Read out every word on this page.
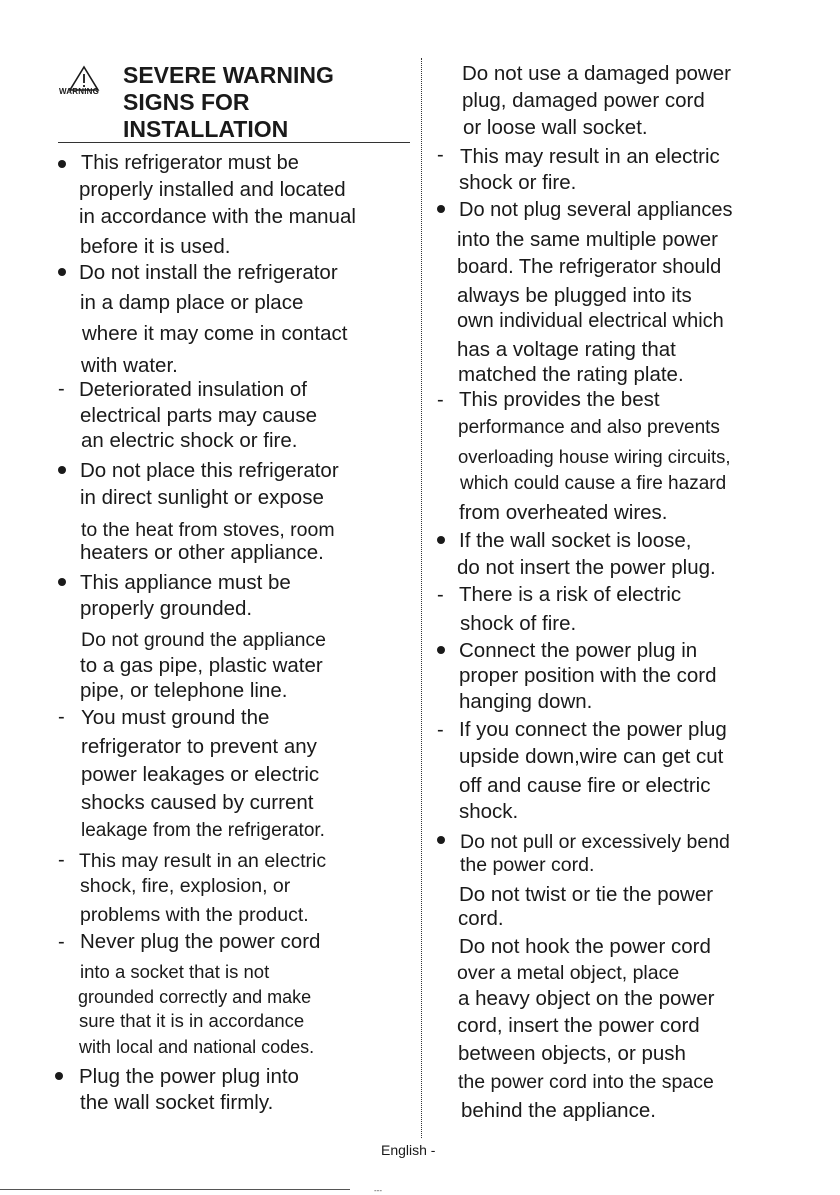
WARNING
SEVERE WARNING
SIGNS FOR
INSTALLATION
-
-
-
-
This refrigerator must be
properly installed and located
in accordance with the manual
before it is used.
Do not install the refrigerator
in a damp place or place
where it may come in contact
with water.
Deteriorated insulation of
electrical parts may cause
an electric shock or fire.
Do not place this refrigerator
in direct sunlight or expose
to the heat from stoves, room
heaters or other appliance.
This appliance must be
properly grounded.
Do not ground the appliance
to a gas pipe, plastic water
pipe, or telephone line.
You must ground the
refrigerator to prevent any
power leakages or electric
shocks caused by current
leakage from the refrigerator.
This may result in an electric
shock, fire, explosion, or
problems with the product.
Never plug the power cord
into a socket that is not
grounded correctly and make
sure that it is in accordance
with local and national codes.
Plug the power plug into
the wall socket firmly.
-
-
-
-
Do not use a damaged power
plug, damaged power cord
or loose wall socket.
This may result in an electric
shock or fire.
Do not plug several appliances
into the same multiple power
board. The refrigerator should
always be plugged into its
own individual electrical which
has a voltage rating that
matched the rating plate.
This provides the best
performance and also prevents
overloading house wiring circuits,
which could cause a fire hazard
from overheated wires.
If the wall socket is loose,
do not insert the power plug.
There is a risk of electric
shock of fire.
Connect the power plug in
proper position with the cord
hanging down.
If you connect the power plug
upside down,wire can get cut
off and cause fire or electric
shock.
Do not pull or excessively bend
the power cord.
Do not twist or tie the power
cord.
Do not hook the power cord
over a metal object, place
a heavy object on the power
cord, insert the power cord
between objects, or push
the power cord into the space
behind the appliance.
English -
---
